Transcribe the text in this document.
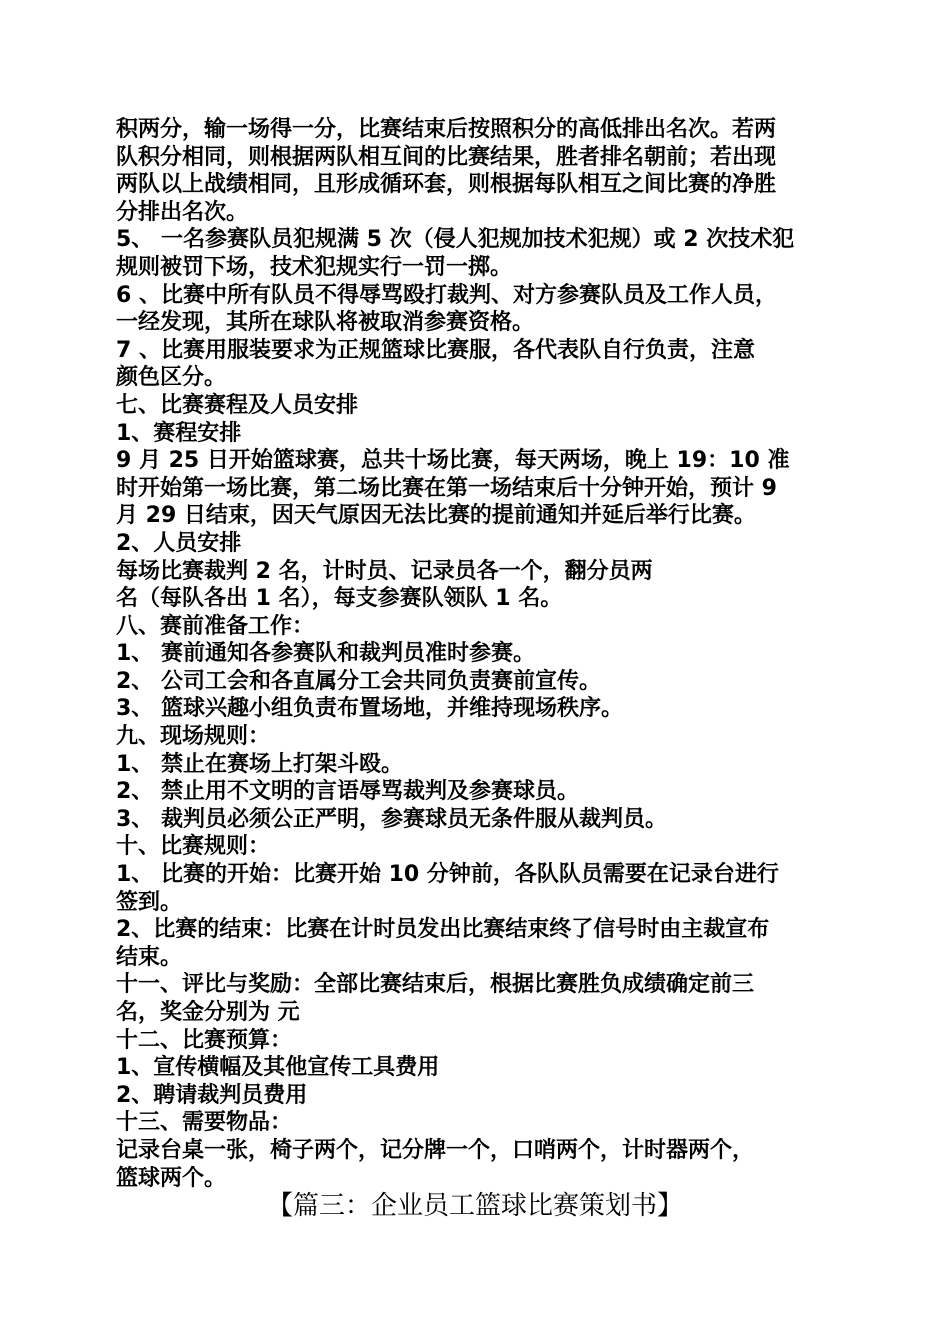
积两分，输一场得一分，比赛结束后按照积分的高低排出名次。若两
队积分相同，则根据两队相互间的比赛结果，胜者排名朝前；若出现
两队以上战绩相同，且形成循环套，则根据每队相互之间比赛的净胜
分排出名次。
5、 一名参赛队员犯规满 5 次（侵人犯规加技术犯规）或 2 次技术犯
规则被罚下场，技术犯规实行一罚一掷。
6 、比赛中所有队员不得辱骂殴打裁判、对方参赛队员及工作人员，
一经发现，其所在球队将被取消参赛资格。
7 、比赛用服装要求为正规篮球比赛服，各代表队自行负责，注意
颜色区分。
七、比赛赛程及人员安排
1、赛程安排
9 月 25 日开始篮球赛，总共十场比赛，每天两场，晚上 19：10 准
时开始第一场比赛，第二场比赛在第一场结束后十分钟开始，预计 9
月 29 日结束，因天气原因无法比赛的提前通知并延后举行比赛。
2、人员安排
每场比赛裁判 2 名，计时员、记录员各一个，翻分员两
名（每队各出 1 名），每支参赛队领队 1 名。
八、赛前准备工作：
1、 赛前通知各参赛队和裁判员准时参赛。
2、 公司工会和各直属分工会共同负责赛前宣传。
3、 篮球兴趣小组负责布置场地，并维持现场秩序。
九、现场规则：
1、 禁止在赛场上打架斗殴。
2、 禁止用不文明的言语辱骂裁判及参赛球员。
3、 裁判员必须公正严明，参赛球员无条件服从裁判员。
十、比赛规则：
1、 比赛的开始：比赛开始 10 分钟前，各队队员需要在记录台进行
签到。
2、比赛的结束：比赛在计时员发出比赛结束终了信号时由主裁宣布
结束。
十一、评比与奖励：全部比赛结束后，根据比赛胜负成绩确定前三
名，奖金分别为 元
十二、比赛预算：
1、宣传横幅及其他宣传工具费用
2、聘请裁判员费用
十三、需要物品：
记录台桌一张，椅子两个，记分牌一个，口哨两个，计时器两个，
篮球两个。
【篇三：企业员工篮球比赛策划书】
